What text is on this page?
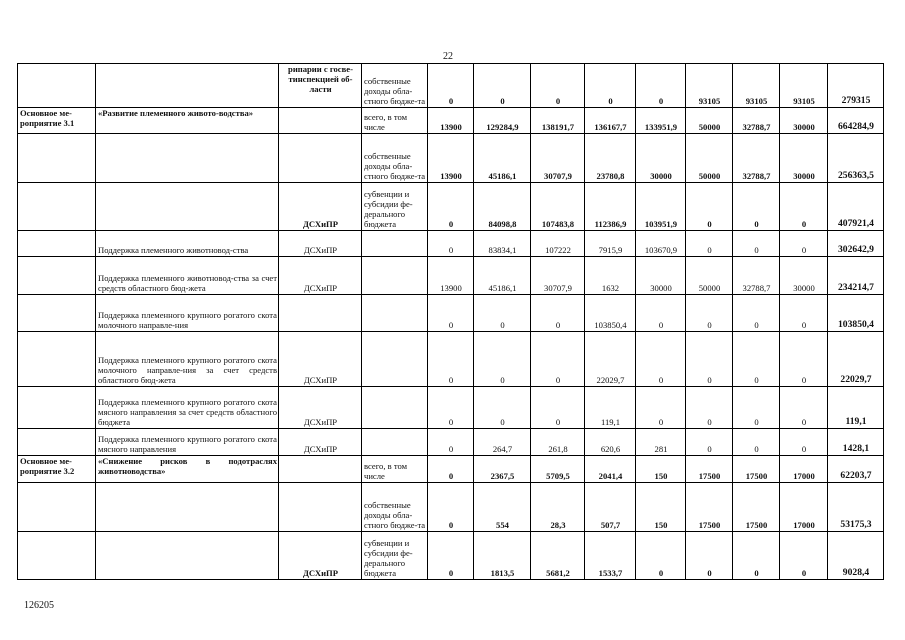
22
		рипарии с госве-тинспекцией об-ласти	собственные доходы обла-стного бюдже-та	0	0	0	0	0	93105	93105	93105	279315
Основное ме-роприятие 3.1	«Развитие племенного живото-водства»		всего, в том числе	13900	129284,9	138191,7	136167,7	133951,9	50000	32788,7	30000	664284,9
			собственные доходы обла-стного бюдже-та	13900	45186,1	30707,9	23780,8	30000	50000	32788,7	30000	256363,5
		ДСХиПР	субвенции и субсидии фе-дерального бюджета	0	84098,8	107483,8	112386,9	103951,9	0	0	0	407921,4
	Поддержка племенного животновод-ства	ДСХиПР		0	83834,1	107222	7915,9	103670,9	0	0	0	302642,9
	Поддержка племенного животновод-ства за счет средств областного бюд-жета	ДСХиПР		13900	45186,1	30707,9	1632	30000	50000	32788,7	30000	234214,7
	Поддержка племенного крупного рогатого скота молочного направле-ния			0	0	0	103850,4	0	0	0	0	103850,4
	Поддержка племенного крупного рогатого скота молочного направле-ния за счет средств областного бюд-жета	ДСХиПР		0	0	0	22029,7	0	0	0	0	22029,7
	Поддержка племенного крупного рогатого скота мясного направления за счет средств областного бюджета	ДСХиПР		0	0	0	119,1	0	0	0	0	119,1
	Поддержка племенного крупного рогатого скота мясного направления	ДСХиПР		0	264,7	261,8	620,6	281	0	0	0	1428,1
Основное ме-роприятие 3.2	«Снижение рисков в подотраслях животноводства»		всего, в том числе	0	2367,5	5709,5	2041,4	150	17500	17500	17000	62203,7
			собственные доходы обла-стного бюдже-та	0	554	28,3	507,7	150	17500	17500	17000	53175,3
		ДСХиПР	субвенции и субсидии фе-дерального бюджета	0	1813,5	5681,2	1533,7	0	0	0	0	9028,4
126205
